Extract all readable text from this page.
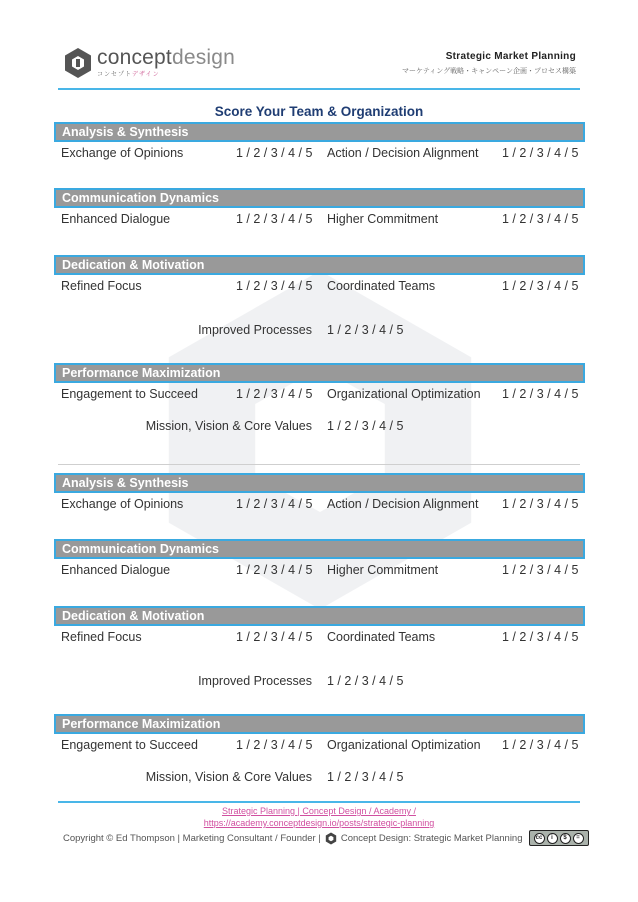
conceptdesign
コンセプトデザイン
Strategic Market Planning
マーケティング戦略・キャンペーン企画・プロセス構築
Score Your Team & Organization
Analysis & Synthesis
Exchange of Opinions	1 / 2 / 3 / 4 / 5 Action / Decision Alignment 1 / 2 / 3 / 4 / 5
Communication Dynamics
Enhanced Dialogue	1 / 2 / 3 / 4 / 5 Higher Commitment	1 / 2 / 3 / 4 / 5
Dedication & Motivation
Refined Focus	1 / 2 / 3 / 4 / 5 Coordinated Teams	1 / 2 / 3 / 4 / 5
Improved Processes 1 / 2 / 3 / 4 / 5
Performance Maximization
Engagement to Succeed	1 / 2 / 3 / 4 / 5 Organizational Optimization 1 / 2 / 3 / 4 / 5
Mission, Vision & Core Values 1 / 2 / 3 / 4 / 5
Analysis & Synthesis
Exchange of Opinions	1 / 2 / 3 / 4 / 5 Action / Decision Alignment 1 / 2 / 3 / 4 / 5
Communication Dynamics
Enhanced Dialogue	1 / 2 / 3 / 4 / 5 Higher Commitment	1 / 2 / 3 / 4 / 5
Dedication & Motivation
Refined Focus	1 / 2 / 3 / 4 / 5 Coordinated Teams	1 / 2 / 3 / 4 / 5
Improved Processes 1 / 2 / 3 / 4 / 5
Performance Maximization
Engagement to Succeed	1 / 2 / 3 / 4 / 5 Organizational Optimization 1 / 2 / 3 / 4 / 5
Mission, Vision & Core Values 1 / 2 / 3 / 4 / 5
Strategic Planning | Concept Design / Academy /
https://academy.conceptdesign.io/posts/strategic-planning
Copyright © Ed Thompson | Marketing Consultant / Founder | Concept Design: Strategic Market Planning	cc	i	$	=
